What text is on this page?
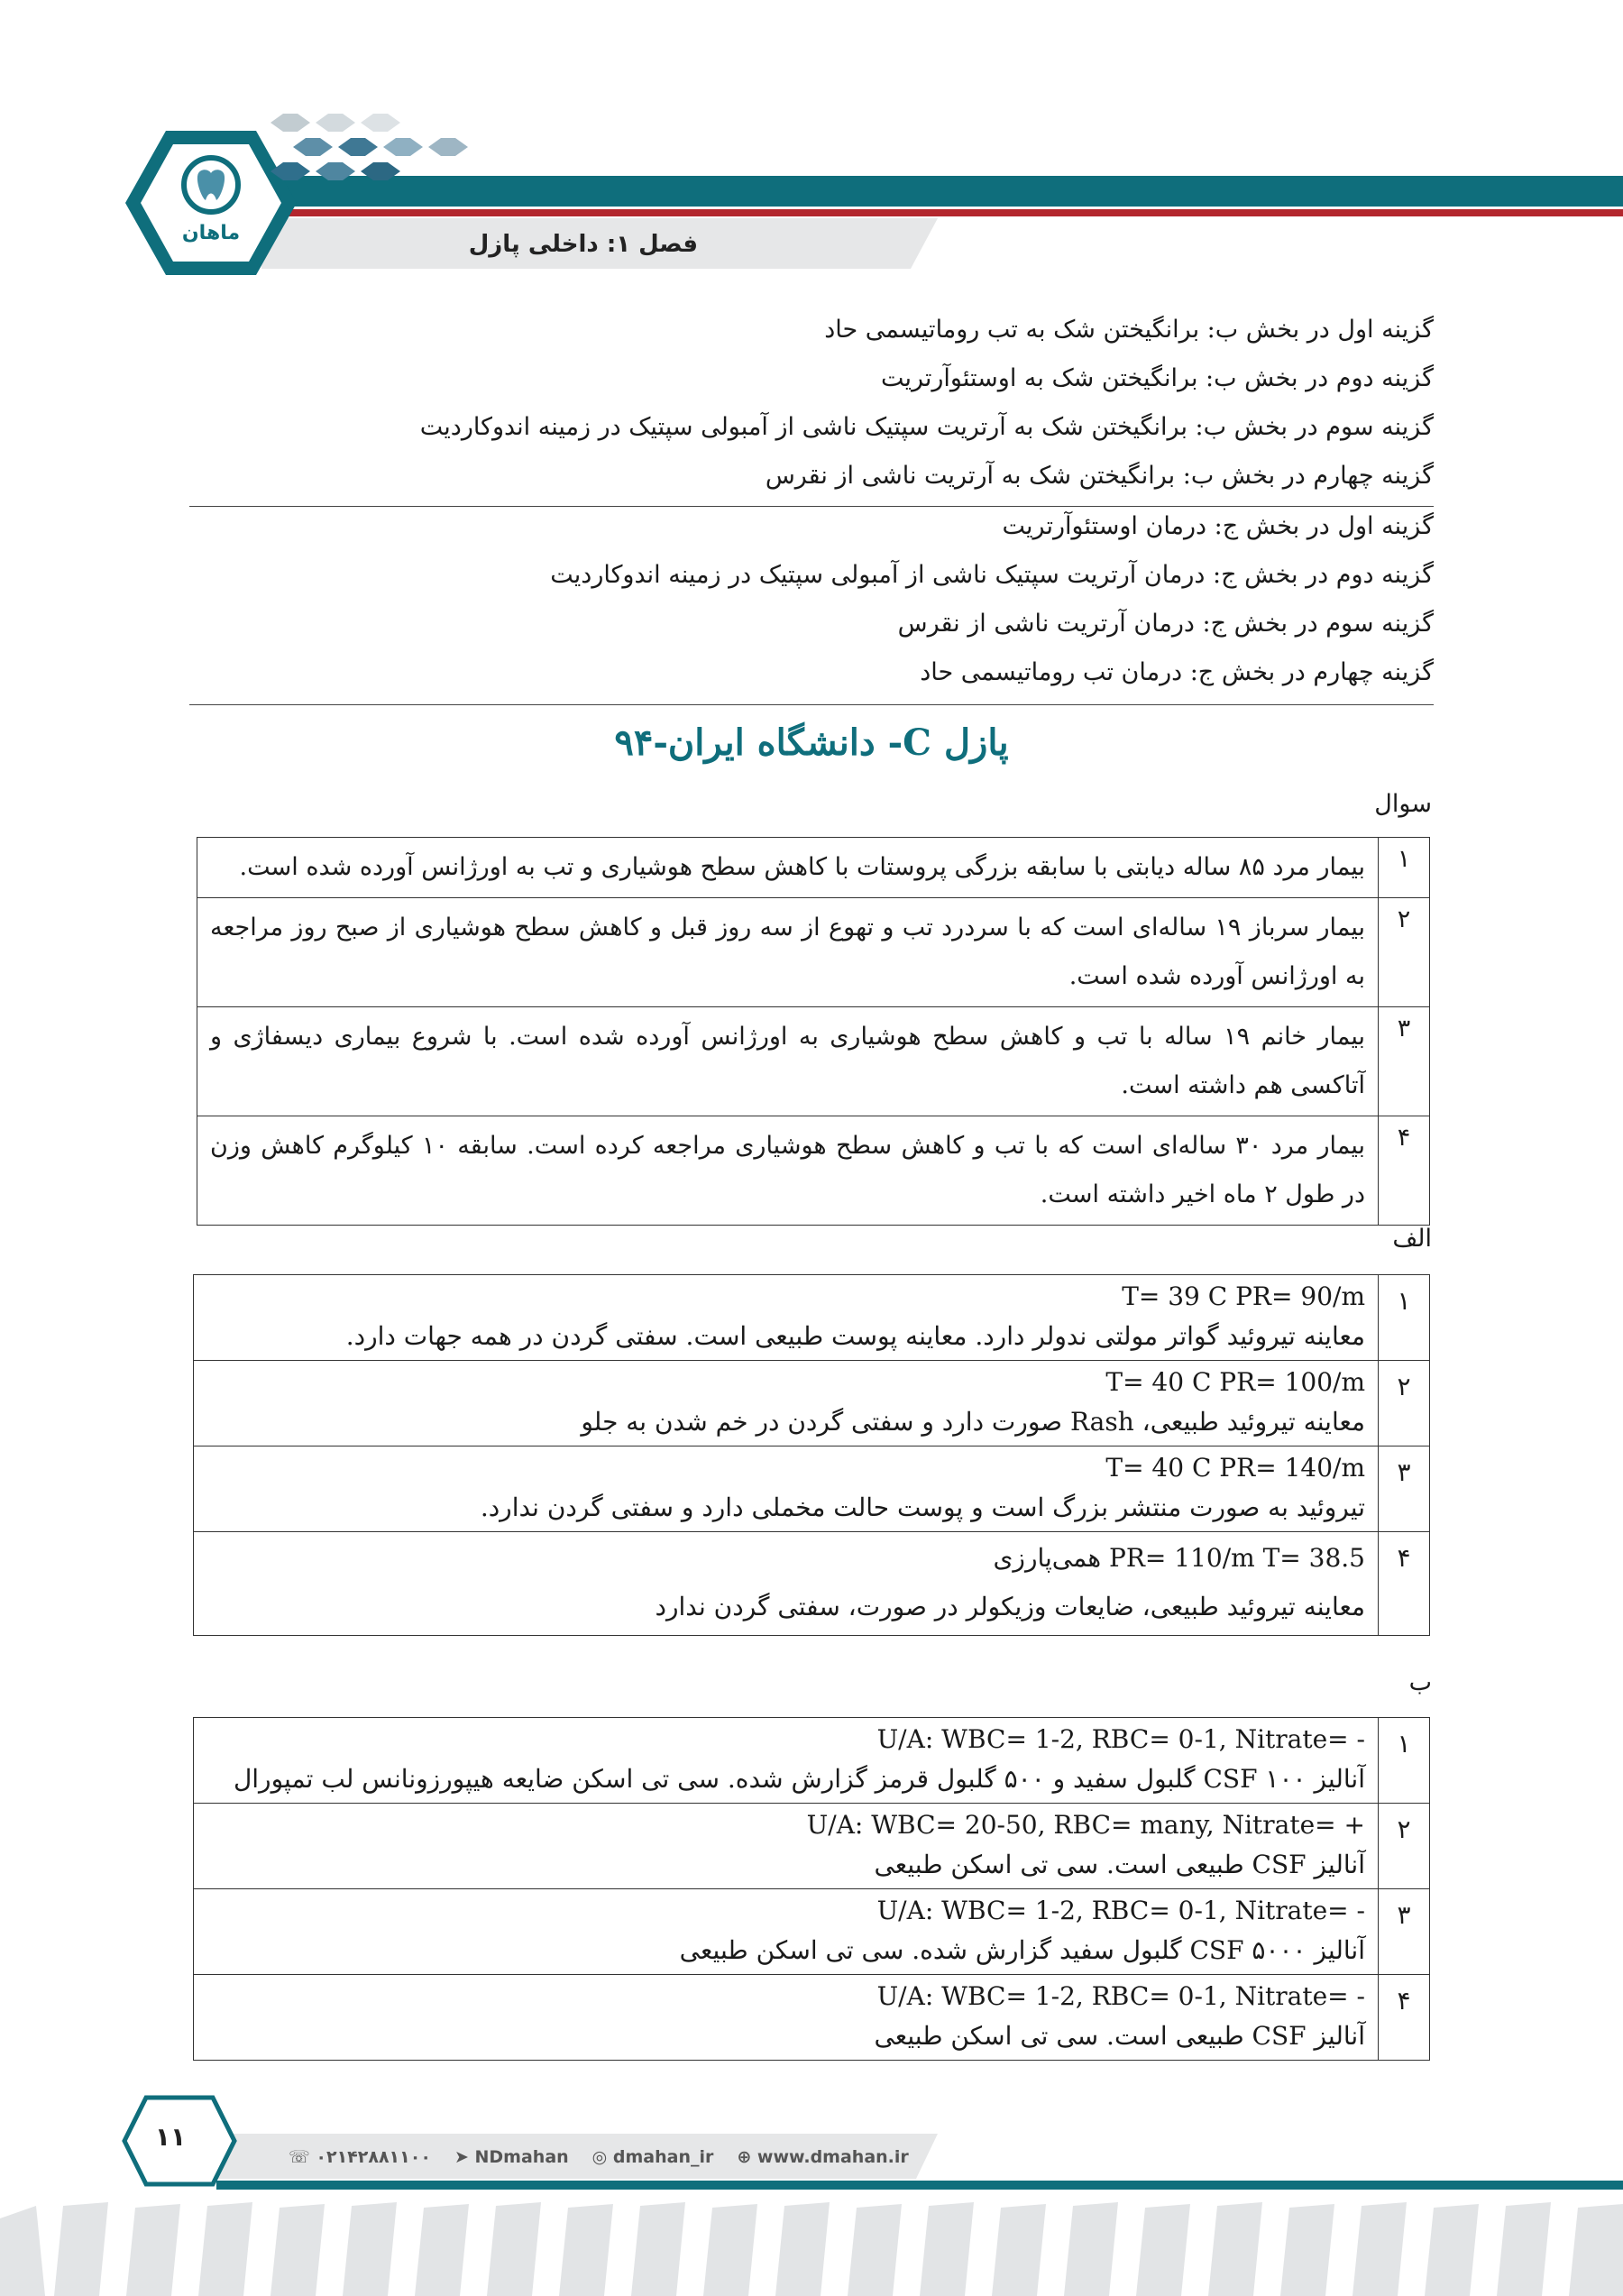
فصل ۱: داخلی پازل
ماهان
گزینه اول در بخش ب: برانگیختن شک به تب روماتیسمی حاد
گزینه دوم در بخش ب: برانگیختن شک به اوستئوآرتریت
گزینه سوم در بخش ب: برانگیختن شک به آرتریت سپتیک ناشی از آمبولی سپتیک در زمینه اندوکاردیت
گزینه چهارم در بخش ب: برانگیختن شک به آرتریت ناشی از نقرس
گزینه اول در بخش ج: درمان اوستئوآرتریت
گزینه دوم در بخش ج: درمان آرتریت سپتیک ناشی از آمبولی سپتیک در زمینه اندوکاردیت
گزینه سوم در بخش ج: درمان آرتریت ناشی از نقرس
گزینه چهارم در بخش ج: درمان تب روماتیسمی حاد
پازل C- دانشگاه ایران-۹۴
سوال
۱	بیمار مرد ۸۵ ساله دیابتی با سابقه بزرگی پروستات با کاهش سطح هوشیاری و تب به اورژانس آورده شده است.
۲	بیمار سرباز ۱۹ ساله‌ای است که با سردرد تب و تهوع از سه روز قبل و کاهش سطح هوشیاری از صبح روز مراجعه به اورژانس آورده شده است.
۳	بیمار خانم ۱۹ ساله با تب و کاهش سطح هوشیاری به اورژانس آورده شده است. با شروع بیماری دیسفاژی و آتاکسی هم داشته است.
۴	بیمار مرد ۳۰ ساله‌ای است که با تب و کاهش سطح هوشیاری مراجعه کرده است. سابقه ۱۰ کیلوگرم کاهش وزن در طول ۲ ماه اخیر داشته است.
الف
۱	T= 39 C PR= 90/m
معاینه تیروئید گواتر مولتی ندولر دارد. معاینه پوست طبیعی است. سفتی گردن در همه جهات دارد.

۲	T= 40 C PR= 100/m
معاینه تیروئید طبیعی، Rash صورت دارد و سفتی گردن در خم شدن به جلو

۳	T= 40 C PR= 140/m
تیروئید به صورت منتشر بزرگ است و پوست حالت مخملی دارد و سفتی گردن ندارد.

۴	PR= 110/m T= 38.5 همی‌پارزی
معاینه تیروئید طبیعی، ضایعات وزیکولر در صورت، سفتی گردن ندارد
ب
۱	U/A: WBC= 1-2, RBC= 0-1, Nitrate= -
آنالیز CSF ۱۰۰ گلبول سفید و ۵۰۰ گلبول قرمز گزارش شده. سی تی اسکن ضایعه هیپورزونانس لب تمپورال

۲	U/A: WBC= 20-50, RBC= many, Nitrate= +
آنالیز CSF طبیعی است. سی تی اسکن طبیعی

۳	U/A: WBC= 1-2, RBC= 0-1, Nitrate= -
آنالیز CSF ۵۰۰۰ گلبول سفید گزارش شده. سی تی اسکن طبیعی

۴	U/A: WBC= 1-2, RBC= 0-1, Nitrate= -
آنالیز CSF طبیعی است. سی تی اسکن طبیعی
۱۱
☏ ۰۲۱۴۲۸۸۱۱۰۰ ➤ NDmahan ◎ dmahan_ir ⊕ www.dmahan.ir
